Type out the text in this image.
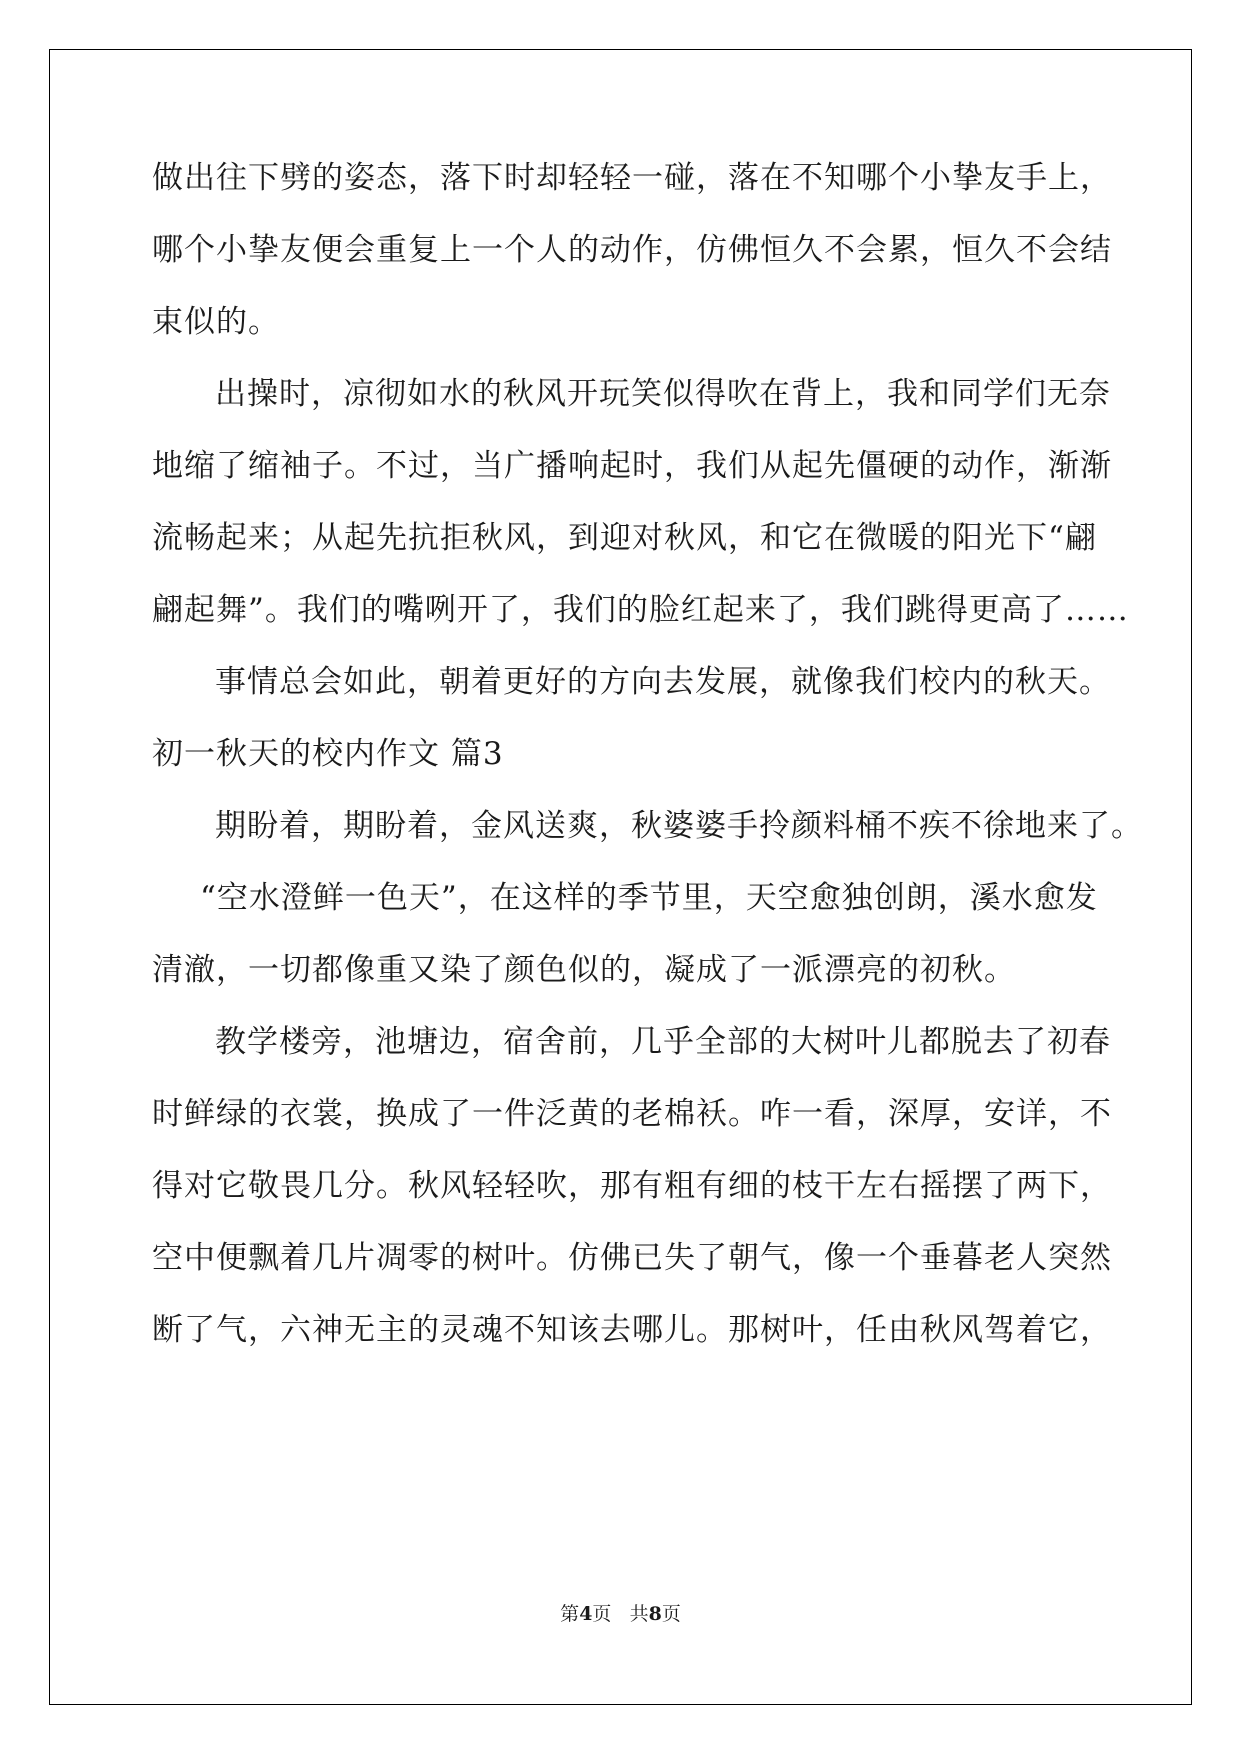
做出往下劈的姿态，落下时却轻轻一碰，落在不知哪个小挚友手上，
哪个小挚友便会重复上一个人的动作，仿佛恒久不会累，恒久不会结
束似的。
出操时，凉彻如水的秋风开玩笑似得吹在背上，我和同学们无奈
地缩了缩袖子。不过，当广播响起时，我们从起先僵硬的动作，渐渐
流畅起来；从起先抗拒秋风，到迎对秋风，和它在微暖的阳光下“翩
翩起舞”。我们的嘴咧开了，我们的脸红起来了，我们跳得更高了……
事情总会如此，朝着更好的方向去发展，就像我们校内的秋天。
初一秋天的校内作文 篇3
期盼着，期盼着，金风送爽，秋婆婆手拎颜料桶不疾不徐地来了。
“空水澄鲜一色天”，在这样的季节里，天空愈独创朗，溪水愈发
清澈，一切都像重又染了颜色似的，凝成了一派漂亮的初秋。
教学楼旁，池塘边，宿舍前，几乎全部的大树叶儿都脱去了初春
时鲜绿的衣裳，换成了一件泛黄的老棉袄。咋一看，深厚，安详，不
得对它敬畏几分。秋风轻轻吹，那有粗有细的枝干左右摇摆了两下，
空中便飘着几片凋零的树叶。仿佛已失了朝气，像一个垂暮老人突然
断了气，六神无主的灵魂不知该去哪儿。那树叶，任由秋风驾着它，
第4页 共8页
